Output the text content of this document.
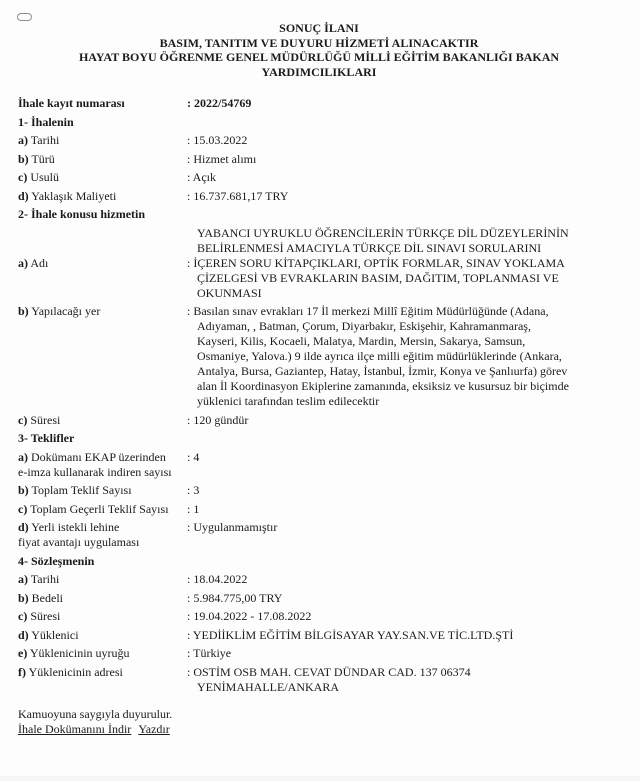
SONUÇ İLANI
BASIM, TANITIM VE DUYURU HİZMETİ ALINACAKTIR
HAYAT BOYU ÖĞRENME GENEL MÜDÜRLÜĞÜ MİLLİ EĞİTİM BAKANLIĞI BAKAN
YARDIMCILIKLARI
İhale kayıt numarası	: 2022/54769
1- İhalenin
a) Tarihi	: 15.03.2022
b) Türü	: Hizmet alımı
c) Usulü	: Açık
d) Yaklaşık Maliyeti	: 16.737.681,17 TRY
2- İhale konusu hizmetin
a) Adı
YABANCI UYRUKLU ÖĞRENCİLERİN TÜRKÇE DİL DÜZEYLERİNİN
BELİRLENMESİ AMACIYLA TÜRKÇE DİL SINAVI SORULARINI
: İÇEREN SORU KİTAPÇIKLARI, OPTİK FORMLAR, SINAV YOKLAMA
ÇİZELGESİ VB EVRAKLARIN BASIM, DAĞITIM, TOPLANMASI VE
OKUNMASI
b) Yapılacağı yer	: Basılan sınav evrakları 17 İl merkezi Millî Eğitim Müdürlüğünde (Adana,
Adıyaman, , Batman, Çorum, Diyarbakır, Eskişehir, Kahramanmaraş,
Kayseri, Kilis, Kocaeli, Malatya, Mardin, Mersin, Sakarya, Samsun,
Osmaniye, Yalova.) 9 ilde ayrıca ilçe milli eğitim müdürlüklerinde (Ankara,
Antalya, Bursa, Gaziantep, Hatay, İstanbul, İzmir, Konya ve Şanlıurfa) görev
alan İl Koordinasyon Ekiplerine zamanında, eksiksiz ve kusursuz bir biçimde
yüklenici tarafından teslim edilecektir
c) Süresi	: 120 gündür
3- Teklifler
a) Dokümanı EKAP üzerinden
e-imza kullanarak indiren sayısı
: 4
b) Toplam Teklif Sayısı	: 3
c) Toplam Geçerli Teklif Sayısı	: 1
d) Yerli istekli lehine
fiyat avantajı uygulaması
: Uygulanmamıştır
4- Sözleşmenin
a) Tarihi	: 18.04.2022
b) Bedeli	: 5.984.775,00 TRY
c) Süresi	: 19.04.2022 - 17.08.2022
d) Yüklenici	: YEDİİKLİM EĞİTİM BİLGİSAYAR YAY.SAN.VE TİC.LTD.ŞTİ
e) Yüklenicinin uyruğu	: Türkiye
f) Yüklenicinin adresi	: OSTİM OSB MAH. CEVAT DÜNDAR CAD. 137 06374
YENİMAHALLE/ANKARA
Kamuoyuna saygıyla duyurulur.
İhale Dokümanını İndir Yazdır
